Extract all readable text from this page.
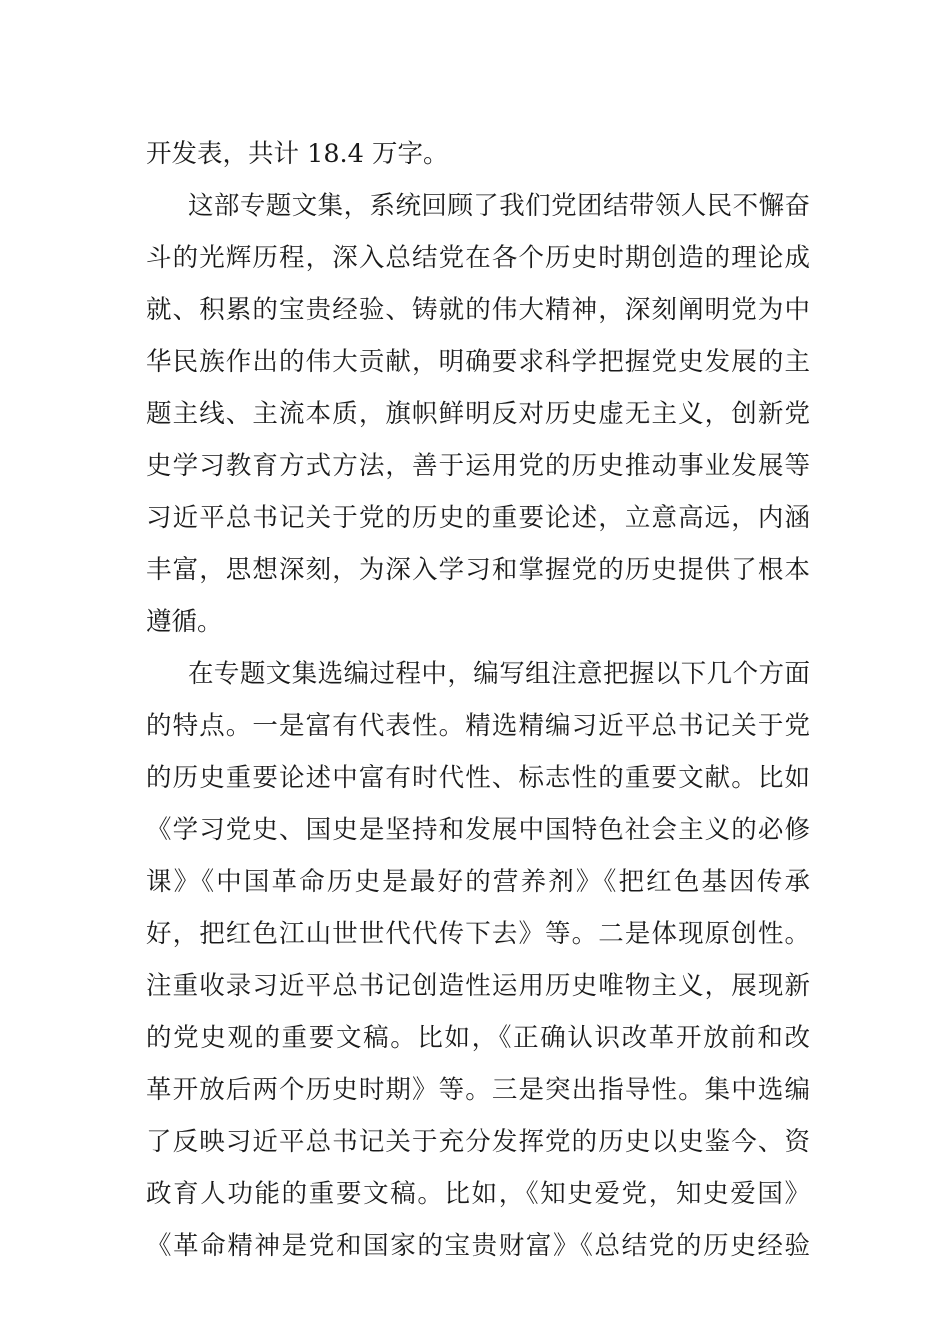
开发表，共计 18.4 万字。
这部专题文集，系统回顾了我们党团结带领人民不懈奋
斗的光辉历程，深入总结党在各个历史时期创造的理论成
就、积累的宝贵经验、铸就的伟大精神，深刻阐明党为中
华民族作出的伟大贡献，明确要求科学把握党史发展的主
题主线、主流本质，旗帜鲜明反对历史虚无主义，创新党
史学习教育方式方法，善于运用党的历史推动事业发展等
习近平总书记关于党的历史的重要论述，立意高远，内涵
丰富，思想深刻，为深入学习和掌握党的历史提供了根本
遵循。
在专题文集选编过程中，编写组注意把握以下几个方面
的特点。一是富有代表性。精选精编习近平总书记关于党
的历史重要论述中富有时代性、标志性的重要文献。比如
《学习党史、国史是坚持和发展中国特色社会主义的必修
课》《中国革命历史是最好的营养剂》《把红色基因传承
好，把红色江山世世代代传下去》等。二是体现原创性。
注重收录习近平总书记创造性运用历史唯物主义，展现新
的党史观的重要文稿。比如，《正确认识改革开放前和改
革开放后两个历史时期》等。三是突出指导性。集中选编
了反映习近平总书记关于充分发挥党的历史以史鉴今、资
政育人功能的重要文稿。比如，《知史爱党，知史爱国》
《革命精神是党和国家的宝贵财富》《总结党的历史经验
